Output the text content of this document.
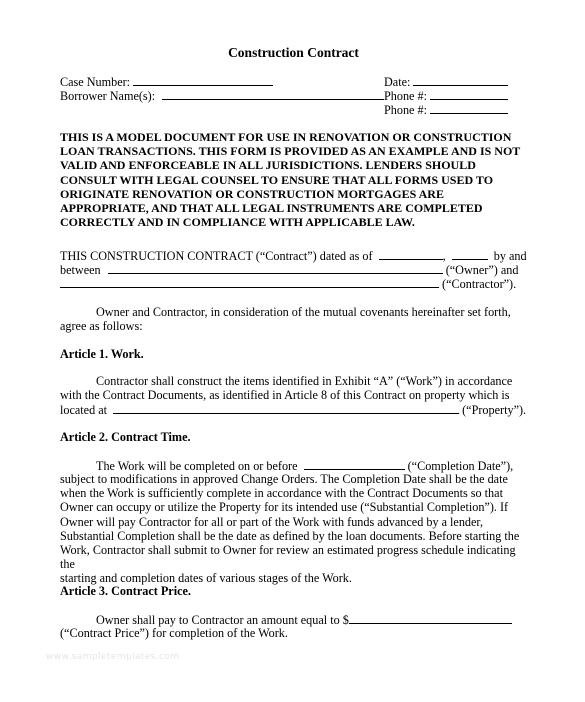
Construction Contract
Case Number:
Borrower Name(s):
Date:
Phone #:
Phone #:
THIS IS A MODEL DOCUMENT FOR USE IN RENOVATION OR CONSTRUCTION
LOAN TRANSACTIONS. THIS FORM IS PROVIDED AS AN EXAMPLE AND IS NOT
VALID AND ENFORCEABLE IN ALL JURISDICTIONS. LENDERS SHOULD
CONSULT WITH LEGAL COUNSEL TO ENSURE THAT ALL FORMS USED TO
ORIGINATE RENOVATION OR CONSTRUCTION MORTGAGES ARE
APPROPRIATE, AND THAT ALL LEGAL INSTRUMENTS ARE COMPLETED
CORRECTLY AND IN COMPLIANCE WITH APPLICABLE LAW.
THIS CONSTRUCTION CONTRACT (“Contract”) dated as of	,	by and
between	(“Owner”) and
(“Contractor”).
Owner and Contractor, in consideration of the mutual covenants hereinafter set forth,
agree as follows:
Article 1. Work.
Contractor shall construct the items identified in Exhibit “A” (“Work”) in accordance
with the Contract Documents, as identified in Article 8 of this Contract on property which is
located at	(“Property”).
Article 2. Contract Time.
The Work will be completed on or before	(“Completion Date”),
subject to modifications in approved Change Orders. The Completion Date shall be the date
when the Work is sufficiently complete in accordance with the Contract Documents so that
Owner can occupy or utilize the Property for its intended use (“Substantial Completion”). If
Owner will pay Contractor for all or part of the Work with funds advanced by a lender,
Substantial Completion shall be the date as defined by the loan documents. Before starting the
Work, Contractor shall submit to Owner for review an estimated progress schedule indicating the
starting and completion dates of various stages of the Work.
Article 3. Contract Price.
Owner shall pay to Contractor an amount equal to $
(“Contract Price”) for completion of the Work.
www.sampletemplates.com
